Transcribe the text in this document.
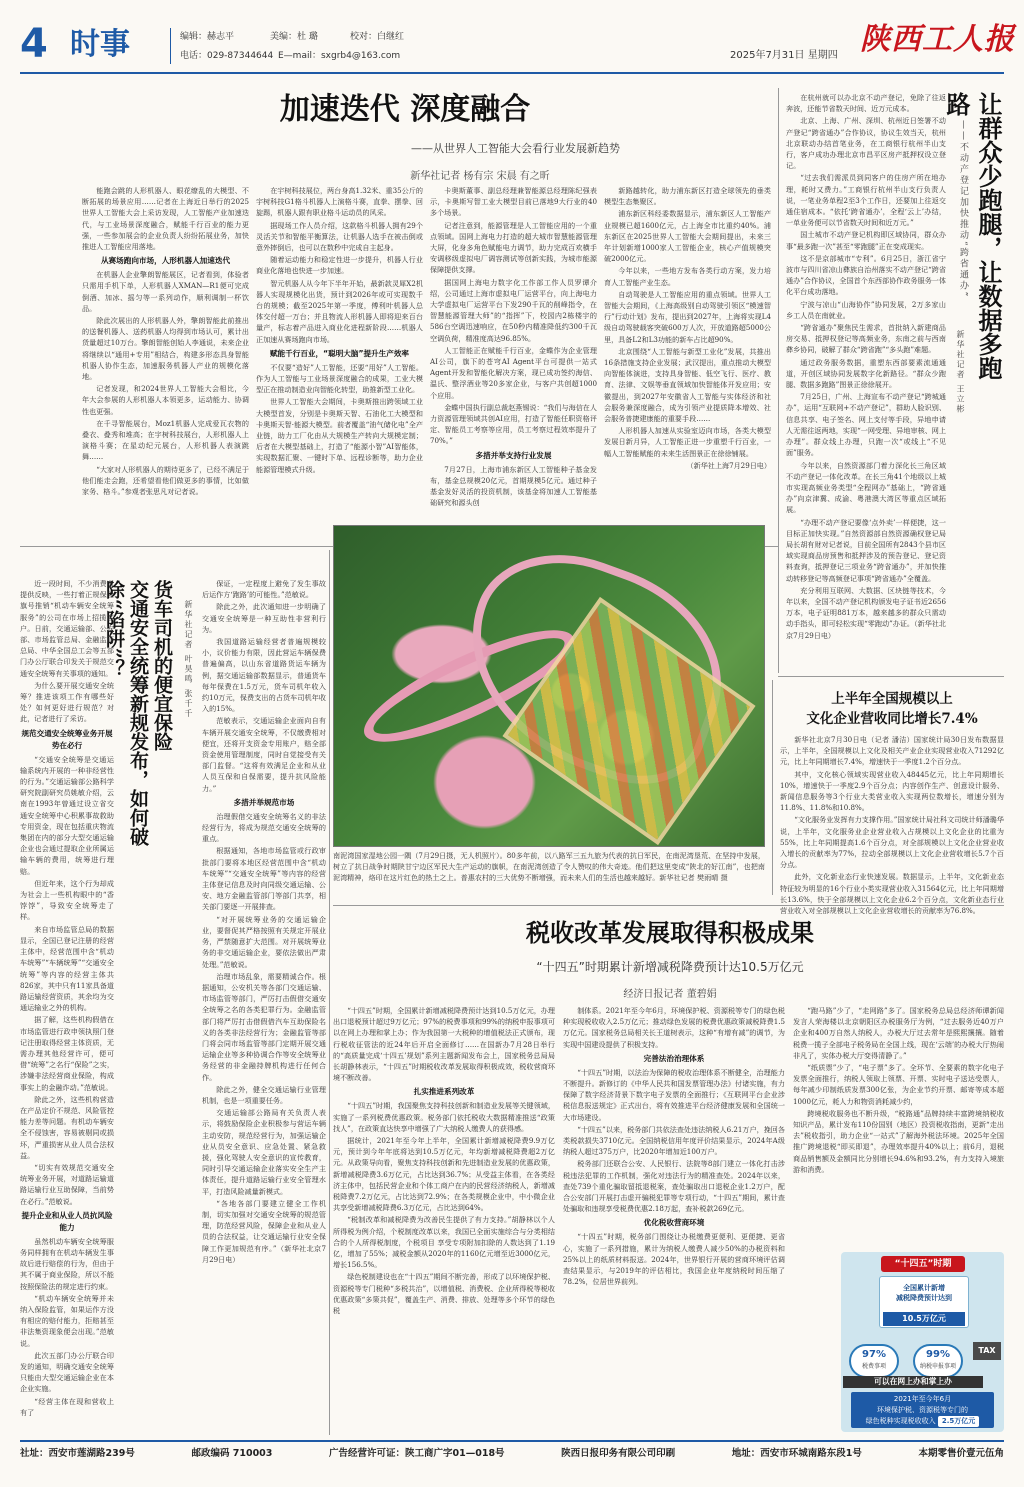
4 时事	编辑：赫志平	美编：杜 璐	校对：白继红
电话：029-87344644 E—mail：sxgrb4@163.com	2025年7月31日 星期四 陕西工人报
加速迭代 深度融合
——从世界人工智能大会看行业发展新趋势
新华社记者 杨有宗 宋晨 有之昕

能跑会跳的人形机器人、眼花缭乱的大模型、不断拓展的场景应用……记者在上海近日举行的2025世界人工智能大会上采访发现，人工智能产业加速迭代，与工业场景深度融合，赋能千行百业的能力更强，一些参加展会的企业负责人纷纷拓展业务，加快推进人工智能应用落地。

从赛场跑向市场，人形机器人加速迭代

在机器人企业擎朗智能展区，记者看到，体验者只需用手机下单，人形机器人XMAN—R1便可完成倒酒、加冰、摇匀等一系列动作，顺利调制一杯饮品。

除此次展出的人形机器人外，擎朗智能此前推出的送餐机器人、送药机器人均得到市场认可，累计出货量超过10万台。擎朗智能创始人李通说，未来企业将继续以“通用+专用”相结合，构建多形态具身智能机器人协作生态，加速服务机器人产业的规模化落地。

记者发现，和2024世界人工智能大会相比，今年大会参展的人形机器人本领更多，运动能力、协调性也更强。

在千寻智能展台，Moz1机器人完成爱瓦衣物的叠衣、叠秀和堆高；在宇树科技展台，人形机器人上演格斗赛；在星动纪元展台，人形机器人表演跳舞……

“大家对人形机器人的期待更多了，已经不满足于他们能走会跑，还希望看他们做更多的事情，比如做家务、格斗。”参观者张思凡对记者说。

在宇树科技展位，两台身高1.32米、重35公斤的宇树科技G1格斗机器人上演格斗赛，直拳、摆拳、回旋踢，机器人跟有职业格斗运动员的风采。

据现场工作人员介绍，这款格斗机器人拥有29个灵活关节和智能平衡算法，让机器人选手在被击倒或意外摔倒后，也可以在数秒中完成自主起身。

随着运动能力和稳定性进一步提升，机器人行业商业化落地也快进一步加速。

智元机器人从今年下半年开始，最新款灵犀X2机器人实现规模化出货，预计到2026年或可实现数千台的规模；截至2025年第一季度，傅利叶机器人总体交付超一万台；并且物流人形机器人即将迎来百台量产，标志着产品进入商业化进程新阶段……机器人正加速从赛场跑向市场。

赋能千行百业，“聪明大脑”提升生产效率

不仅要“造好”人工智能，还要“用好”人工智能。作为人工智能与工业场景深度融合的成果，工业大模型正在推动制造业向智能化转型，助推新型工业化。

世界人工智能大会期间，卡奥斯推出跨领域工业大模型首发，分别是卡奥斯天智、石油化工大模型和卡奥斯天智·能源大模型。前者覆盖“油气储化电”全产业链，助力工厂化由从大规模生产转向大规模定制；后者在大模型基础上，打造了“能源小智”AI智能体，实现数据汇聚、一键时下单、远程诊断等，助力企业能源管理模式升级。

卡奥斯董事、副总经理兼智能源总经理陈纪强表示，卡奥斯写智工业大模型目前已落地9大行业的40多个场景。

记者注意到，能源管理是人工智能应用的一个重点领域。国网上海电力打造的超大城市智慧能源管理大屏，化身多角色赋能电力调节，助力完成百欢横手安调移级虚拟电厂调容测试等创新实践，为城市能源保障提供支撑。

据国网上海电力数字化工作部工作人员罗谭介绍，公司通过上海市虚拟电厂运营平台，向上海电力大学虚拟电厂运营平台下发290千瓦的削峰指令，在智慧能源管理大师”的“指挥”下，校园内2栋楼宇的586台空调迅速响应，在50秒内精准降低约300千瓦空调负荷，精准度高达96.85%。

人工智能正在赋能千行百业，金蝶作为企业管理AI公司，旗下的苍穹AI Agent平台可提供一站式Agent开发和智能化解决方案，现已成功签约海信、温氏、整浮酒业等20多家企业，与客户共创超1000个应用。

金蝶中国执行副总裁赵燕锡说：“我们与海信在人力资源管理领域共创AI应用，打造了智能任职资格评定、智能员工考察等应用，员工考察过程效率提升了70%。”

多措并举支持行业发展

7月27日，上海市浦东新区人工智能种子基金发布，基金总规模20亿元，首期规模5亿元。通过种子基金发好灵活的投资机制，该基金将加速人工智能基础研究和源头创

新路越转化，助力浦东新区打造全球领先的垂类模型生态集聚区。

浦东新区科经委数据显示，浦东新区人工智能产业规模已超1600亿元，占上海全市比重约40%。浦东新区在2025世界人工智能大会期间提出，未来三年计划新增1000家人工智能企业，核心产值规模突破2000亿元。

今年以来，一些地方发布各类行动方案，发力培育人工智能产业生态。

自动驾驶是人工智能应用的重点领域。世界人工智能大会期间，《上海高级别自动驾驶引领区“模速智行”行动计划》发布，提出到2027年，上海将实现L4级自动驾驶载客突破600万人次，开放道路超5000公里，具备L2和L3功能的新车占比超90%。

北京围绕“人工智能与新型工业化”发展，共推出16条措施支持企业发展；武汉提出，重点推动大模型向智能体演进，支持具身智能、低空飞行、医疗、教育、法律、文娱等垂直领域加快智能体开发应用；安徽提出，到2027年安徽省人工智能与实体经济和社会服务兼深度融合，成为引领产业提质降本增效、社会服务普捷建康能的重要手段……

人形机器人加速从实验室迈向市场，各类大模型发展日新月异，人工智能正进一步重塑千行百业，一幅人工智能赋能的未来生活图景正在徐徐铺展。

（新华社上海7月29日电）

在杭州就可以办北京不动产登记，免除了往返奔波，还能节省数天时间、近万元成本。

北京、上海、广州、深圳、杭州近日签署不动产登记“跨省通办”合作协议，协议生效当天，杭州北京联动办结首笔业务，在工商银行杭州半山支行，客户成功办理北京市昌平区房产抵押权设立登记。

“过去我们需派员到同客户的住房产所在地办理，耗时又费力。”工商银行杭州半山支行负责人说，一笔业务单程2至3个工作日，还要加上往返交通住宿成本。“依托‘跨省通办’，全程‘云上’办结，一单业务便可以节省数天时间和近万元。”

国土城市不动产登记机构即区域协同，群众办事“最多跑一次”甚至“零跑腿”正在变成现实。

这不是京部城市“专利”。6月25日，浙江省宁波市与四川省凉山彝族自治州落实不动产登记“跨省通办”合作协议，全国首个东西部协作政务服务一体化平台成功落地。

宁波与凉山“山海协作”协同发展，2万多家山乡工人员在南就业。

“跨省通办”聚焦民生需求，首批纳入新建商品房交易、抵押权登记等高频业务，东南之前与西南彝乡协同，破解了群众“跨省跑”“多头跑”难题。

通过政务服务数据，重塑东西部要素流通通道，开创区域协同发展数字化新路径。“群众少跑腿、数据多跑路”图景正徐徐展开。

7月25日，广州、上海宣布不动产登记“跨城通办”，运用“互联网+不动产登记”，群助人脸识别、信息共享、电子签名、网上支付等手段，异地申请人无需往返两地，实现“一网受理、异地审核、网上办理”。群众线上办理，只跑一次“或线上“不见面”服务。

今年以来，自然资源部门着力深化长三角区域不动产登记一体化改革。在长三角41个地级以上城市实现高频业务类型“全程网办”基础上，“跨省通办”向京津冀、成渝、粤港澳大湾区等重点区域拓展。

“办理不动产登记要像‘点外卖’一样便捷，这一目标正加快实现。”自然资源部自然资源确权登记局局长胡有财对记者说，目前全国所有2843个县市区域实现商品房预售和抵押涉及的预告登记、登记资料查询，抵押登记三项业务“跨省通办”，并加快推动转移登记等高频登记事项“跨省通办”全覆盖。

充分利用互联网、大数据、区块链等技术，今年以来，全国不动产登记机构颁发电子证书近2656万本，电子证明881万本，越来越多的群众只需动动手指头，即可轻松实现“零跑动”办证。（新华社北京7月29日电）

让群众少跑腿，让数据多跑路
——不动产登记加快推动“跨省通办”
新华社记者 王立彬
货车司机的便宜保险
交通安全统筹新规发布，如何破除“陷阱”？	新华社记者 叶昊鸣 张千千

近一段时间，不少消费者提供反映，一些打着正规保险旗号推销“机动车辆安全统筹服务”的公司在市场上招揽客户。日前，交通运输部、公安部、市场监管总局、金融监管总局、中华全国总工会等五部门办公厅联合印发关于规范交通安全统筹有关事项的通知。

为什么要开展交通安全统筹？推进该项工作有哪些好处？如何更好进行规范？对此，记者进行了采访。

规范交通安全统筹业务开展势在必行

“交通安全统筹是交通运输系统内开展的一种非经营性的行为。”交通运输部公路科学研究院副研究员姚敏介绍，云南在1993年曾通过设立省交通安全统筹中心积累事故救助专用资金，现在包括重庆物流集团在内的部分大型交通运输企业也会通过提取企业所属运输车辆的费用，统筹进行理赔。

但近年来，这个行为却成为社会上一些机构眼中的“香饽饽”，导致安全统筹走了样。

来自市场监管总局的数据显示，全国已登记注册的经营主体中，经营范围中含“机动车统筹”“车辆统筹”“交通安全统筹”等内容的经营主体共826家，其中只有11家具备道路运输经营资质，其余均为交通运输业之外的机构。

据了解，这些机构假借在市场监管进行政申领执照门登记注册取得经营主体资质，无需办理其他经营许可，便可借“统筹”之名行“保险”之实，涉嫌非法经营商业保险，构成事实上的金融诈动。”范敏说。

除此之外，这些机构营造在产品定价不规范、风险管控能力差等问题。有机动车辆安全不侵蚀害，容易被剔同或损坏，严重损害从业人员合法权益。

“切实有效规范交通安全统筹业务开展，对道路运输道路运输行业互助保障，当前势在必行。”范敏说。

提升企业和从业人员抗风险能力

虽然机动车辆安全统筹服务同样拥有在机动车辆发生事故后进行赔偿的行为，但由于其不属于商业保险，所以不能按照保险法的规定进行约束。

“机动车辆安全统筹并未纳入保险监管，如果运作方没有相应的赔付能力，拒赔甚至非法集资现象便会出现。”范敏说。

此次五部门办公厅联合印发的通知，明确交通安全统筹只能由大型交通运输企业在本企业实施。

“经营主体在现和营收上有了

保证，一定程度上避免了发生事故后运作方‘跑路’的可能性。”范敏说。

除此之外，此次通知进一步明确了交通安全统筹是一种互助性非营利行为。

我国道路运输经营者普遍规模较小，议价能力有限，因此营运车辆保费普遍偏高，以山东省道路货运车辆为例，据交通运输部数据显示，普通货车每年保费在1.5万元，货车司机年收入约10万元，保费支出的占货车司机年收入的15%。

范敏表示，交通运输企业面向自有车辆开展交通安全统筹，不仅缴费相对便宜，还将开支资金专用账户，赔全部资金使用管理制度，同时自觉接受有关部门监督。“这将有效满足企业和从业人员互保和自保需要，提升抗风险能力。”

多措并举规范市场

治理假借交通安全统筹名义的非法经营行为，将成为规范交通安全统筹的重点。

根据通知，各地市场监管或行政审批部门要将本地区经营范围中含“机动车统筹”“交通安全统筹”等内容的经营主体登记信息及时向同级交通运输、公安、地方金融监管部门等部门共享，相关部门要逐一开展排查。

“对开展统筹业务的交通运输企业，要督促其严格按照有关规定开展业务，严禁随意扩大范围。对开展统筹业务的非交通运输企业，要依法做出严肃处理。”范敏说。

治理市场乱象，需要精诚合作。根据通知，公安机关等各部门交通运输、市场监管等部门，严厉打击假借交通安全统筹之名的各类犯罪行为。金融监管部门将严厉打击借假借汽车互助保险名义的各类非法经营行为；金融监管等部门将会同市场监管等部门定期开展交通运输企业等多种协调合作等安全统筹业务经营的非金融持牌机构进行任何合作。

除此之外，健全交通运输行业管理机制，也是一项重要任务。

交通运输部公路局有关负责人表示，将鼓励保险企业积极参与营运车辆主动安防，规范经营行为，加强运输企业从员安全意识、应急处置、紧急救援，强化驾驶人安全意识的宣传教育，同时引导交通运输企业落实安全生产主体责任，提升道路运输行业安全管理水平，打造风险减量新模式。

“各地各部门要建立健全工作机制，切实加强对交通安全统筹的规范管理，防范经营风险，保障企业和从业人员的合法权益，让交通运输行业安全保障工作更加规范有序。”（新华社北京7月29日电）

南泥湾国家湿地公园一隅（7月29日摄，无人机照片）。80多年前，以八路军三五九旅为代表的抗日军民，在南泥湾垦荒、在坚持中发展，树立了抗日战争时期陕甘宁边区军民大生产运动的旗帜，在南泥湾创造了令人赞叹的伟大奇迹。他们把这里变成“陕北的好江南”，也把南泥湾精神，烙印在这片红色的热土之上。普惠农村的三大优势不断增强，而未来人们的生活也越来越好。新华社记者 樊雨晴 摄
上半年全国规模以上
文化企业营收同比增长7.4%

新华社北京7月30日电（记者 潘洁）国家统计局30日发布数据显示，上半年，全国规模以上文化及相关产业企业实现营业收入71292亿元，比上年同期增长7.4%，增速快于一季度1.2个百分点。

其中，文化核心领域实现营业收入48445亿元，比上年同期增长10%，增速快于一季度2.9个百分点；内容创作生产、创意设计服务、新闻信息服务等3个行业大类营业收入实现两位数增长，增速分别为11.8%、11.8%和10.8%。

“文化服务业发挥有力支撑作用。”国家统计局社科文司统计师潘璐华说，上半年，文化服务业企业营业收入占规模以上文化企业的比重为55%，比上年同期提高1.6个百分点，对全部规模以上文化企业营业收入增长的贡献率为77%，拉动全部规模以上文化企业营收增长5.7个百分点。

此外，文化新业态行业快速发展。数据显示，上半年，文化新业态特征较为明显的16个行业小类实现营业收入31564亿元，比上年同期增长13.6%，快于全部规模以上文化企业6.2个百分点，文化新业态行业营业收入对全部规模以上文化企业营收增长的贡献率为76.8%。

税收改革发展取得积极成果
“十四五”时期累计新增减税降费预计达10.5万亿元
经济日报记者 董碧娟

“十四五”时期，全国累计新增减税降费预计达到10.5万亿元，办理出口退税预计超过9万亿元；97%的税费事项和99%的纳税申报事项可以在网上办理和掌上办；作为我国第一大税种的增值税法正式颁布，现行税收征管法的近24年后开启全面修订……在国新办7月28日举行的“高质量完成‘十四五’规划”系列主题新闻发布会上，国家税务总局局长胡静林表示，“十四五”时期税收改革发展取得积极成效，税收营商环境不断改善。

扎实推进系列改革

“十四五”时期，我国聚焦支持科技创新和制造业发展等关键领域，实施了一系列税费优惠政策。税务部门依托税收大数据精准推送“政策找人”，在政策直达快享中增强了广大纳税人缴费人的获得感。

据统计，2021年至今年上半年，全国累计新增减税降费9.9万亿元，预计到今年年底将达到10.5万亿元，年均新增减税降费超2万亿元。从政策导向看，聚焦支持科技创新和先进制造业发展的优惠政策，新增减税降费3.6万亿元，占比达到36.7%；从受益主体看，在各类经济主体中，包括民营企业和个体工商户在内的民营经济纳税人，新增减税降费7.2万亿元，占比达到72.9%；在各类规模企业中，中小微企业共享受新增减税降费6.3万亿元，占比达到64%。

“税制改革和减税降费为改善民生提供了有力支持。”胡静林以个人所得税为例介绍，个税制度改革以来，我国已全面实施综合与分类相结合的个人所得税制度，个税项目 享受专项附加扣除的人数达到了1.19亿，增加了55%；减税金额从2020年的1160亿元增至近3000亿元，增长156.5%。

绿色税制建设也在“十四五”期间不断完善，形成了以环境保护税、资源税等专门税种“多税共治”，以增值税、消费税、企业所得税等税收优惠政策“多策共促”，覆盖生产、消费、排放、处理等多个环节的绿色税

制体系。2021年至今年6月，环境保护税、资源税等专门的绿色税种实现税收收入2.5万亿元；推动绿色发展的税费优惠政策减税降费1.5万亿元。国家税务总局相关长王道树表示，这种“有增有减”的调节，为实现中国建设提供了积极支持。

完善法治治理体系

“十四五”时期，以法治为保障的税收治理体系不断健全，治理能力不断提升。新修订的《中华人民共和国发票管理办法》付诸实施，有力保障了数字经济背景下数字电子发票的全面推行；《互联网平台企业涉税信息报送规定》正式出台，将有效推进平台经济健康发展和全国统一大市场建设。

“十四五”以来，税务部门共依法查处违法纳税人6.21万户，挽回各类税款损失3710亿元。全国纳税信用年度评价结果显示，2024年A级纳税人超过375万户，比2020年增加近100万户。

税务部门还联合公安、人民银行、法院等8部门建立一体化打击涉税违法犯罪的工作机制，强化对违法行为的精准查处。2024年以来，查处739个重化骗取留抵退税案，查处骗取出口退税企业1.2万户，配合公安部门开展打击虚开骗税犯罪等专项行动，“十四五”期间，累计查处骗取和违规享受税费优惠2.18万起，查补税款269亿元。

优化税收营商环境

“十四五”时期，税务部门围绕让办税缴费更便利、更便捷、更省心，实施了一系列措施，累计为纳税人缴费人减少50%的办税资料和25%以上的纸质材料报送。2024年，世界银行开展的营商环境评估调查结果显示，与2019年的评估相比，我国企业年度纳税时间压缩了78.2%，位居世界前列。

“跑马路”少了，“走网路”多了。国家税务总局总经济师谭新闻发言人荣海楼以北京朝阳区办税服务厅为例，“过去服务近40万户企业和400万自然人纳税人，办税大厅过去常年是熙熙攘攘。随着税费一揽子全部电子税务局在全国上线，现在‘云端’的办税大厅热闹非凡了，实体办税大厅变得清静了。”

“纸质票”少了，“电子票”多了。全环节、全要素的数字化电子发票全面推行，纳税人领取上领票、开票、实时电子送达受票人，每年减少印制纸质发票300亿张，为企业节约开票、邮寄等成本超1000亿元，耗人力和物资消耗减少约，

跨境税收服务也不断升级，“税路通”品牌持续丰富跨境纳税收知识产品，累计发布110份国别（地区）投资税收指南，更新“走出去”税收指引，助力企业“一站式”了解海外税法环境。2025年全国推广跨境退税“即买即退”，办理效率提升40%以上；前6月，退税商品销售额及金额同比分别增长94.6%和93.2%，有力支持入境旅游和消费。

“十四五”时期
全国累计新增
减税降费预计达到
10.5万亿元
97%
税费事项
99%
纳税申报事项
TAX
可以在网上办和掌上办
2021年至今年6月
环境保护税、资源税等专门的
绿色税种实现税收收入 2.5万亿元
社址：西安市莲湖路239号	邮政编码 710003	广告经营许可证：陕工商广字01—018号	陕西日报印务有限公司印刷	地址：西安市环城南路东段1号	本期零售价壹元伍角
